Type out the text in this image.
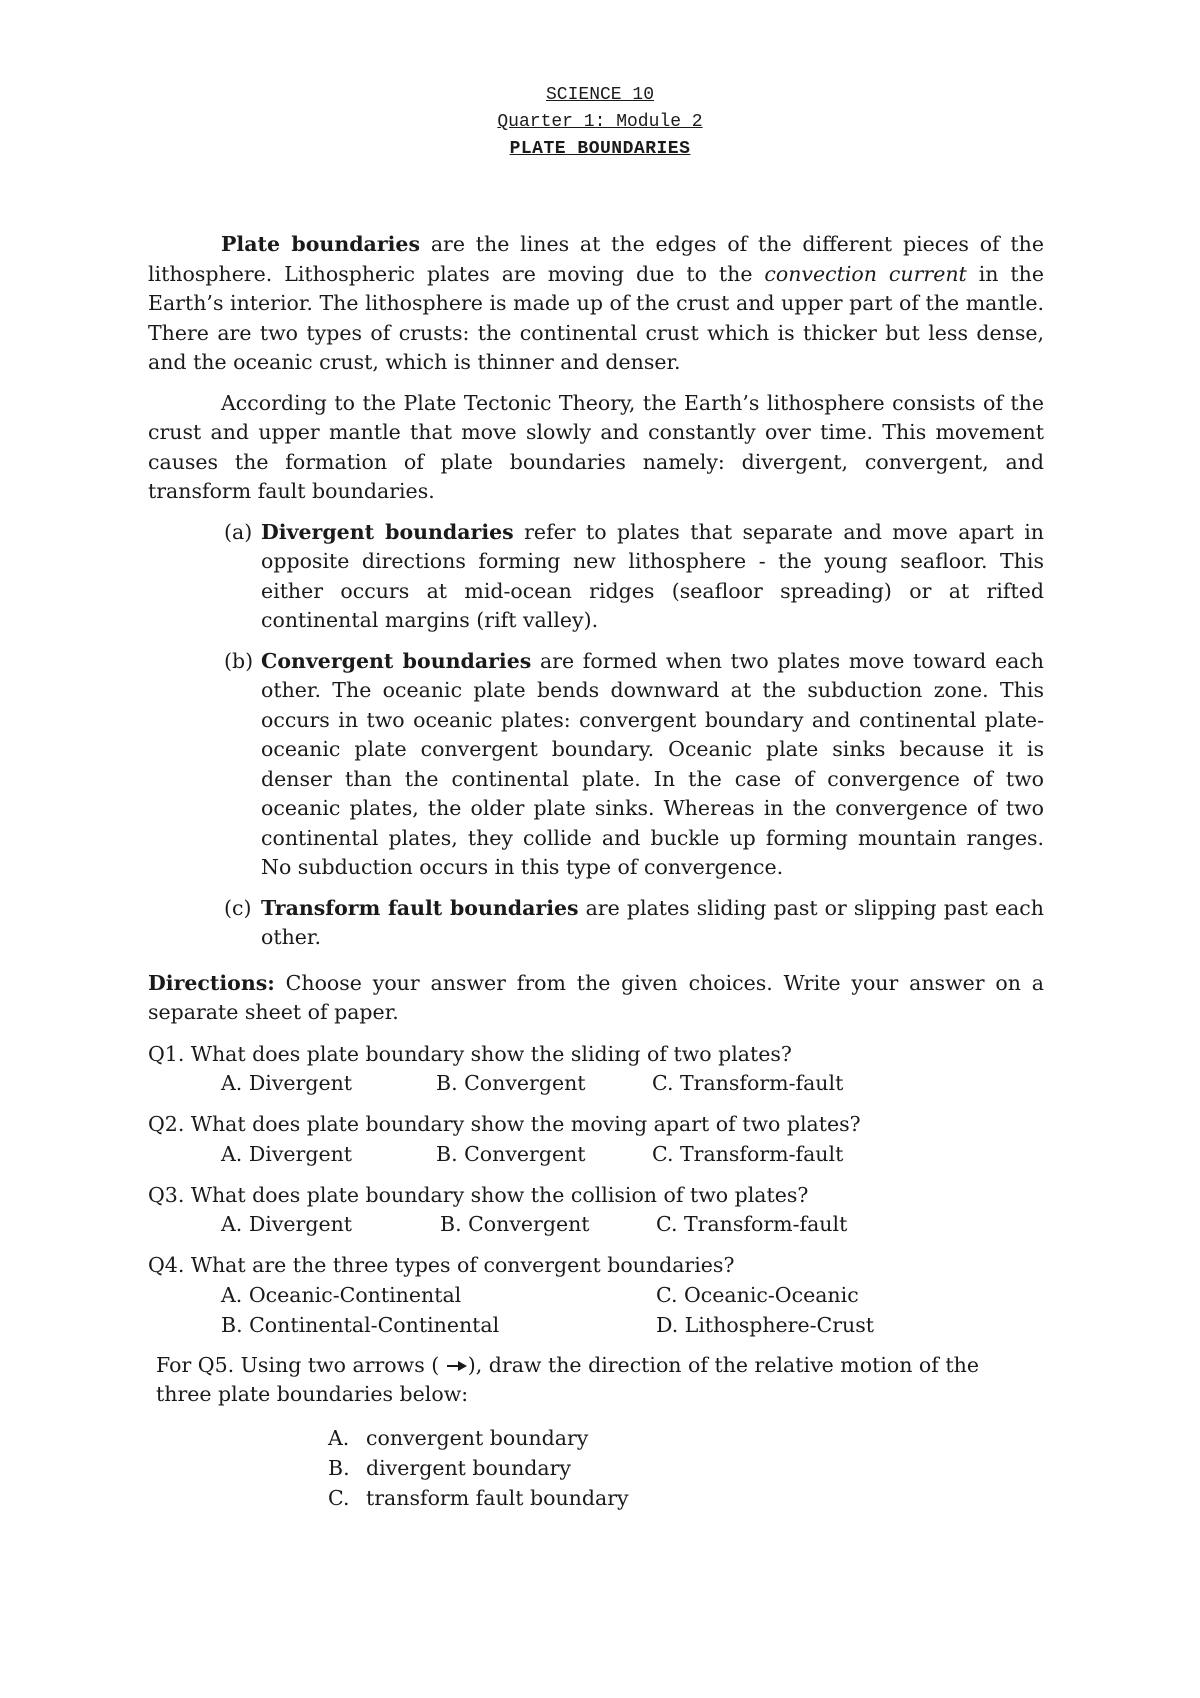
SCIENCE 10
Quarter 1: Module 2
PLATE BOUNDARIES

Plate boundaries are the lines at the edges of the different pieces of the lithosphere. Lithospheric plates are moving due to the convection current in the Earth’s interior. The lithosphere is made up of the crust and upper part of the mantle. There are two types of crusts: the continental crust which is thicker but less dense, and the oceanic crust, which is thinner and denser.

According to the Plate Tectonic Theory, the Earth’s lithosphere consists of the crust and upper mantle that move slowly and constantly over time. This movement causes the formation of plate boundaries namely: divergent, convergent, and transform fault boundaries.

(a) Divergent boundaries refer to plates that separate and move apart in opposite directions forming new lithosphere - the young seafloor. This either occurs at mid-ocean ridges (seafloor spreading) or at rifted continental margins (rift valley).
(b) Convergent boundaries are formed when two plates move toward each other. The oceanic plate bends downward at the subduction zone. This occurs in two oceanic plates: convergent boundary and continental plate-oceanic plate convergent boundary. Oceanic plate sinks because it is denser than the continental plate. In the case of convergence of two oceanic plates, the older plate sinks. Whereas in the convergence of two continental plates, they collide and buckle up forming mountain ranges. No subduction occurs in this type of convergence.
(c) Transform fault boundaries are plates sliding past or slipping past each other.

Directions: Choose your answer from the given choices. Write your answer on a separate sheet of paper.

Q1. What does plate boundary show the sliding of two plates?
A. Divergent	B. Convergent	C. Transform-fault
Q2. What does plate boundary show the moving apart of two plates?
A. Divergent	B. Convergent	C. Transform-fault
Q3. What does plate boundary show the collision of two plates?
A. Divergent	B. Convergent	C. Transform-fault
Q4. What are the three types of convergent boundaries?
A. Oceanic-Continental	C. Oceanic-Oceanic
B. Continental-Continental	D. Lithosphere-Crust

For Q5. Using two arrows ( ), draw the direction of the relative motion of the three plate boundaries below:

A. convergent boundary
B. divergent boundary
C. transform fault boundary
